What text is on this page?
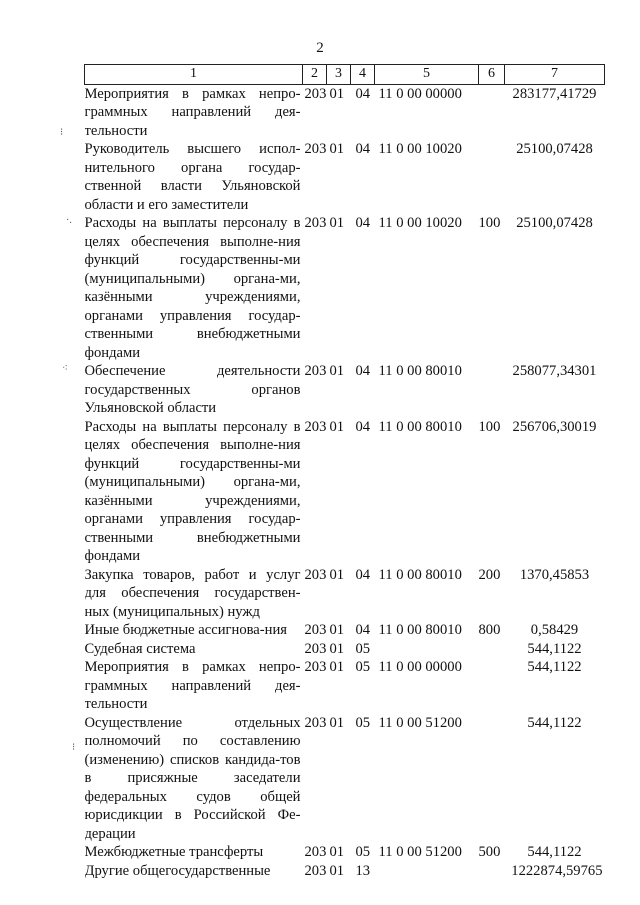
2
1	2	3	4	5	6	7
Мероприятия в рамках непро-граммных направлений дея-тельности	203	01	04	11 0 00 00000		283177,41729
Руководитель высшего испол-нительного органа государ-ственной власти Ульяновской области и его заместители	203	01	04	11 0 00 10020		25100,07428
Расходы на выплаты персоналу в целях обеспечения выполне-ния функций государственны-ми (муниципальными) органа-ми, казёнными учреждениями, органами управления государ-ственными внебюджетными фондами	203	01	04	11 0 00 10020	100	25100,07428
Обеспечение деятельности государственных органов Ульяновской области	203	01	04	11 0 00 80010		258077,34301
Расходы на выплаты персоналу в целях обеспечения выполне-ния функций государственны-ми (муниципальными) органа-ми, казёнными учреждениями, органами управления государ-ственными внебюджетными фондами	203	01	04	11 0 00 80010	100	256706,30019
Закупка товаров, работ и услуг для обеспечения государствен-ных (муниципальных) нужд	203	01	04	11 0 00 80010	200	1370,45853
Иные бюджетные ассигнова-ния	203	01	04	11 0 00 80010	800	0,58429
Судебная система	203	01	05			544,1122
Мероприятия в рамках непро-граммных направлений дея-тельности	203	01	05	11 0 00 00000		544,1122
Осуществление отдельных полномочий по составлению (изменению) списков кандида-тов в присяжные заседатели федеральных судов общей юрисдикции в Российской Фе-дерации	203	01	05	11 0 00 51200		544,1122
Межбюджетные трансферты	203	01	05	11 0 00 51200	500	544,1122
Другие общегосударственные	203	01	13			1222874,59765
⁝
·.
⁖
⁝
